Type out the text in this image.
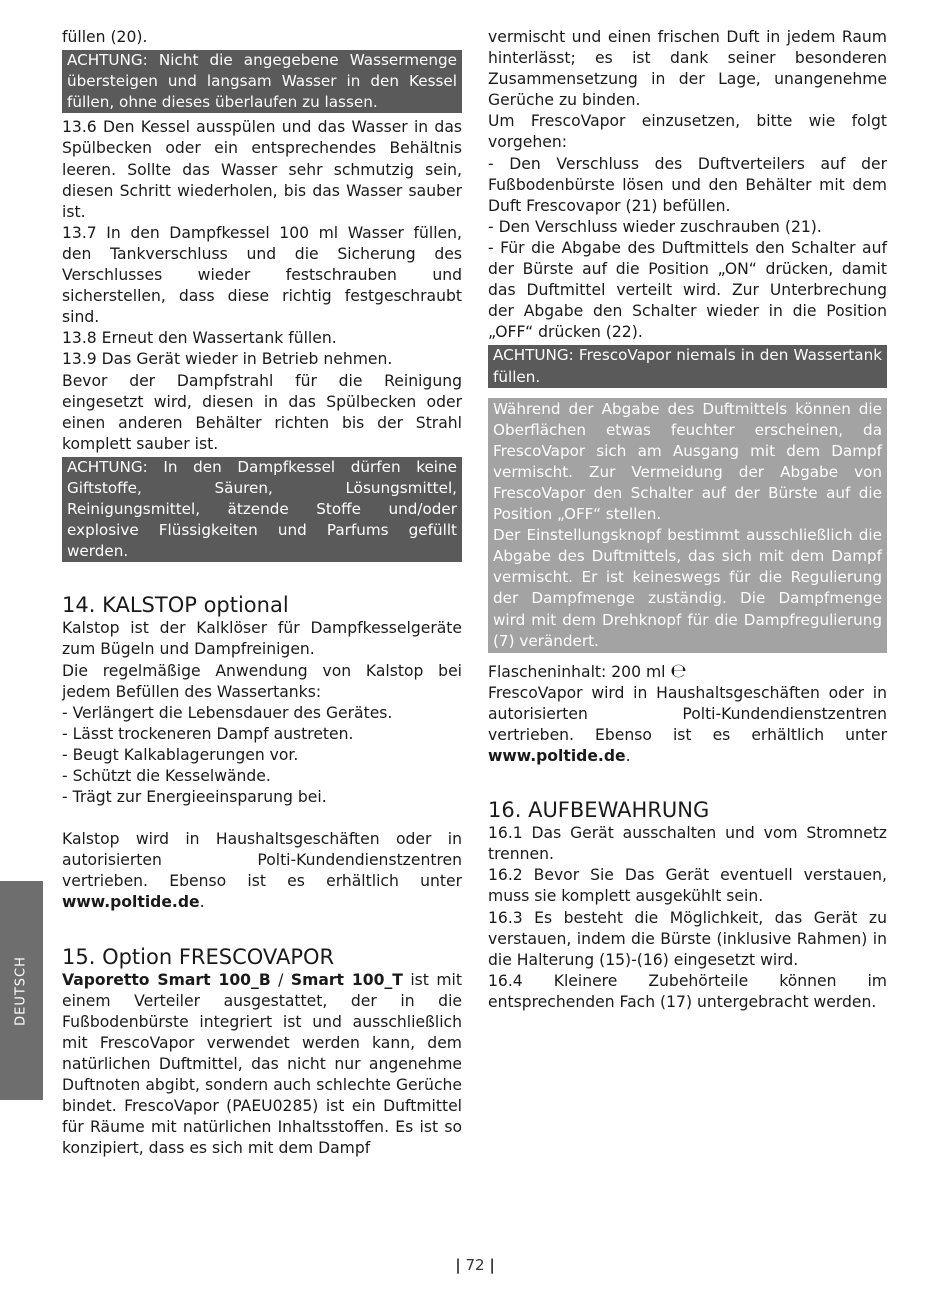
füllen (20).

ACHTUNG: Nicht die angegebene Wassermenge übersteigen und langsam Wasser in den Kessel füllen, ohne dieses überlaufen zu lassen.

13.6 Den Kessel ausspülen und das Wasser in das Spülbecken oder ein entsprechendes Behältnis leeren. Sollte das Wasser sehr schmutzig sein, diesen Schritt wiederholen, bis das Wasser sauber ist.

13.7 In den Dampfkessel 100 ml Wasser füllen, den Tankverschluss und die Sicherung des Verschlusses wieder festschrauben und sicherstellen, dass diese richtig festgeschraubt sind.

13.8 Erneut den Wassertank füllen.

13.9 Das Gerät wieder in Betrieb nehmen.

Bevor der Dampfstrahl für die Reinigung eingesetzt wird, diesen in das Spülbecken oder einen anderen Behälter richten bis der Strahl komplett sauber ist.

ACHTUNG: In den Dampfkessel dürfen keine Giftstoffe, Säuren, Lösungsmittel, Reinigungsmittel, ätzende Stoffe und/oder explosive Flüssigkeiten und Parfums gefüllt werden.
14. KALSTOP optional

Kalstop ist der Kalklöser für Dampfkesselgeräte zum Bügeln und Dampfreinigen.

Die regelmäßige Anwendung von Kalstop bei jedem Befüllen des Wassertanks:

- Verlängert die Lebensdauer des Gerätes.

- Lässt trockeneren Dampf austreten.

- Beugt Kalkablagerungen vor.

- Schützt die Kesselwände.

- Trägt zur Energieeinsparung bei.

Kalstop wird in Haushaltsgeschäften oder in autorisierten Polti-Kundendienstzentren vertrieben. Ebenso ist es erhältlich unter www.poltide.de.

15. Option FRESCOVAPOR

Vaporetto Smart 100_B / Smart 100_T ist mit einem Verteiler ausgestattet, der in die Fußbodenbürste integriert ist und ausschließlich mit FrescoVapor verwendet werden kann, dem natürlichen Duftmittel, das nicht nur angenehme Duftnoten abgibt, sondern auch schlechte Gerüche bindet. FrescoVapor (PAEU0285) ist ein Duftmittel für Räume mit natürlichen Inhaltsstoffen. Es ist so konzipiert, dass es sich mit dem Dampf

vermischt und einen frischen Duft in jedem Raum hinterlässt; es ist dank seiner besonderen Zusammensetzung in der Lage, unangenehme Gerüche zu binden.

Um FrescoVapor einzusetzen, bitte wie folgt vorgehen:

- Den Verschluss des Duftverteilers auf der Fußbodenbürste lösen und den Behälter mit dem Duft Frescovapor (21) befüllen.

- Den Verschluss wieder zuschrauben (21).

- Für die Abgabe des Duftmittels den Schalter auf der Bürste auf die Position „ON“ drücken, damit das Duftmittel verteilt wird. Zur Unterbrechung der Abgabe den Schalter wieder in die Position „OFF“ drücken (22).

ACHTUNG: FrescoVapor niemals in den Wassertank füllen.
Während der Abgabe des Duftmittels können die Oberflächen etwas feuchter erscheinen, da FrescoVapor sich am Ausgang mit dem Dampf vermischt. Zur Vermeidung der Abgabe von FrescoVapor den Schalter auf der Bürste auf die Position „OFF“ stellen.
Der Einstellungsknopf bestimmt ausschließlich die Abgabe des Duftmittels, das sich mit dem Dampf vermischt. Er ist keineswegs für die Regulierung der Dampfmenge zuständig. Die Dampfmenge wird mit dem Drehknopf für die Dampfregulierung (7) verändert.

Flascheninhalt: 200 ml ℮

FrescoVapor wird in Haushaltsgeschäften oder in autorisierten Polti-Kundendienstzentren vertrieben. Ebenso ist es erhältlich unter www.poltide.de.

16. AUFBEWAHRUNG

16.1 Das Gerät ausschalten und vom Stromnetz trennen.

16.2 Bevor Sie Das Gerät eventuell verstauen, muss sie komplett ausgekühlt sein.

16.3 Es besteht die Möglichkeit, das Gerät zu verstauen, indem die Bürste (inklusive Rahmen) in die Halterung (15)-(16) eingesetzt wird.

16.4 Kleinere Zubehörteile können im entsprechenden Fach (17) untergebracht werden.

DEUTSCH
| 72 |
